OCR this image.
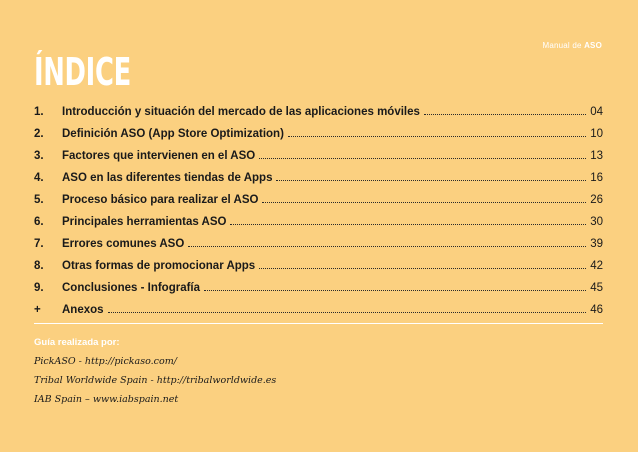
Manual de ASO
ÍNDICE
1.	Introducción y situación del mercado de las aplicaciones móviles	04
2.	Definición ASO (App Store Optimization)	10
3.	Factores que intervienen en el ASO	13
4.	ASO en las diferentes tiendas de Apps	16
5.	Proceso básico para realizar el ASO	26
6.	Principales herramientas ASO	30
7.	Errores comunes ASO	39
8.	Otras formas de promocionar Apps	42
9.	Conclusiones - Infografía	45
+	Anexos	46
Guía realizada por:
PickASO - http://pickaso.com/
Tribal Worldwide Spain - http://tribalworldwide.es
IAB Spain – www.iabspain.net
